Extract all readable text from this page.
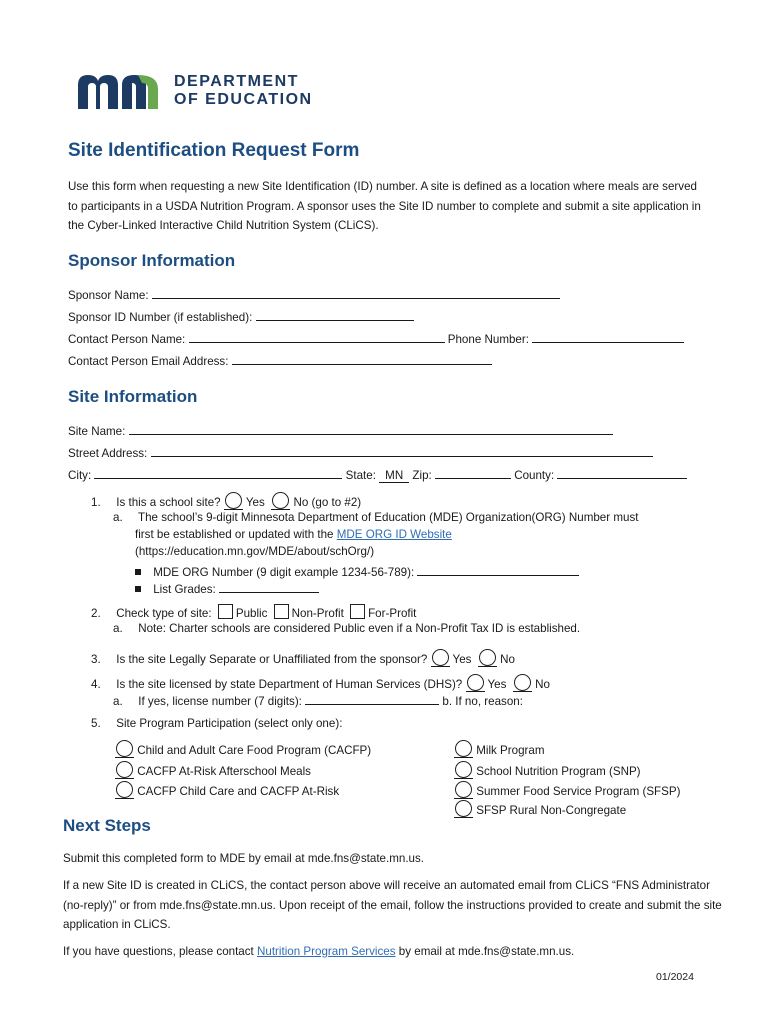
DEPARTMENT
OF EDUCATION
Site Identification Request Form
Use this form when requesting a new Site Identification (ID) number. A site is defined as a location where meals are served to participants in a USDA Nutrition Program. A sponsor uses the Site ID number to complete and submit a site application in the Cyber-Linked Interactive Child Nutrition System (CLiCS).
Sponsor Information
Sponsor Name:
Sponsor ID Number (if established):
Contact Person Name:	Phone Number:
Contact Person Email Address:
Site Information
Site Name:
Street Address:
City:	State: MN Zip:	County:
1. Is this a school site? Yes No (go to #2)
a. The school’s 9-digit Minnesota Department of Education (MDE) Organization(ORG) Number must
first be established or updated with the MDE ORG ID Website
(https://education.mn.gov/MDE/about/schOrg/)
MDE ORG Number (9 digit example 1234-56-789):
List Grades:
2. Check type of site: Public Non-Profit For-Profit
a. Note: Charter schools are considered Public even if a Non-Profit Tax ID is established.
3. Is the site Legally Separate or Unaffiliated from the sponsor? Yes No
4. Is the site licensed by state Department of Human Services (DHS)? Yes No
a. If yes, license number (7 digits):	b. If no, reason:
5. Site Program Participation (select only one):
Child and Adult Care Food Program (CACFP)
CACFP At-Risk Afterschool Meals
CACFP Child Care and CACFP At-Risk
Milk Program
School Nutrition Program (SNP)
Summer Food Service Program (SFSP)
SFSP Rural Non-Congregate
Next Steps
Submit this completed form to MDE by email at mde.fns@state.mn.us.
If a new Site ID is created in CLiCS, the contact person above will receive an automated email from CLiCS “FNS Administrator (no-reply)” or from mde.fns@state.mn.us. Upon receipt of the email, follow the instructions provided to create and submit the site application in CLiCS.
If you have questions, please contact Nutrition Program Services by email at mde.fns@state.mn.us.
01/2024
